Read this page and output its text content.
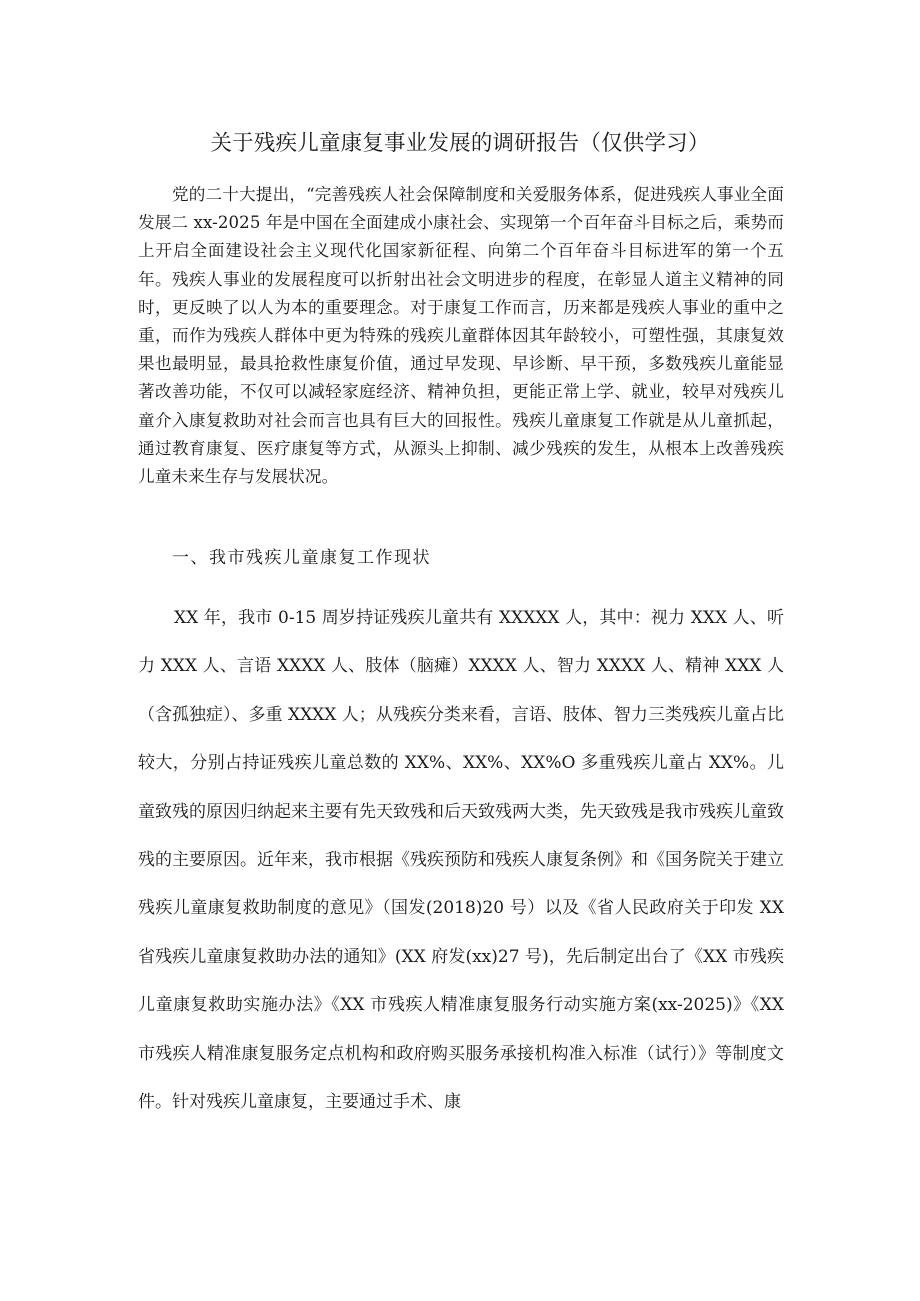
关于残疾儿童康复事业发展的调研报告（仅供学习）

党的二十大提出，“完善残疾人社会保障制度和关爱服务体系，促进残疾人事业全面发展二 xx-2025 年是中国在全面建成小康社会、实现第一个百年奋斗目标之后，乘势而上开启全面建设社会主义现代化国家新征程、向第二个百年奋斗目标进军的第一个五年。残疾人事业的发展程度可以折射出社会文明进步的程度，在彰显人道主义精神的同时，更反映了以人为本的重要理念。对于康复工作而言，历来都是残疾人事业的重中之重，而作为残疾人群体中更为特殊的残疾儿童群体因其年龄较小，可塑性强，其康复效果也最明显，最具抢救性康复价值，通过早发现、早诊断、早干预，多数残疾儿童能显著改善功能，不仅可以减轻家庭经济、精神负担，更能正常上学、就业，较早对残疾儿童介入康复救助对社会而言也具有巨大的回报性。残疾儿童康复工作就是从儿童抓起，通过教育康复、医疗康复等方式，从源头上抑制、减少残疾的发生，从根本上改善残疾儿童未来生存与发展状况。

一、我市残疾儿童康复工作现状

XX 年，我市 0-15 周岁持证残疾儿童共有 XXXXX 人，其中：视力 XXX 人、听力 XXX 人、言语 XXXX 人、肢体（脑瘫）XXXX 人、智力 XXXX 人、精神 XXX 人（含孤独症）、多重 XXXX 人；从残疾分类来看，言语、肢体、智力三类残疾儿童占比较大，分别占持证残疾儿童总数的 XX%、XX%、XX%O 多重残疾儿童占 XX%。儿童致残的原因归纳起来主要有先天致残和后天致残两大类，先天致残是我市残疾儿童致残的主要原因。近年来，我市根据《残疾预防和残疾人康复条例》和《国务院关于建立残疾儿童康复救助制度的意见》（国发(2018)20 号）以及《省人民政府关于印发 XX 省残疾儿童康复救助办法的通知》(XX 府发(xx)27 号)，先后制定出台了《XX 市残疾儿童康复救助实施办法》《XX 市残疾人精准康复服务行动实施方案(xx-2025)》《XX 市残疾人精准康复服务定点机构和政府购买服务承接机构准入标准（试行）》等制度文件。针对残疾儿童康复，主要通过手术、康
